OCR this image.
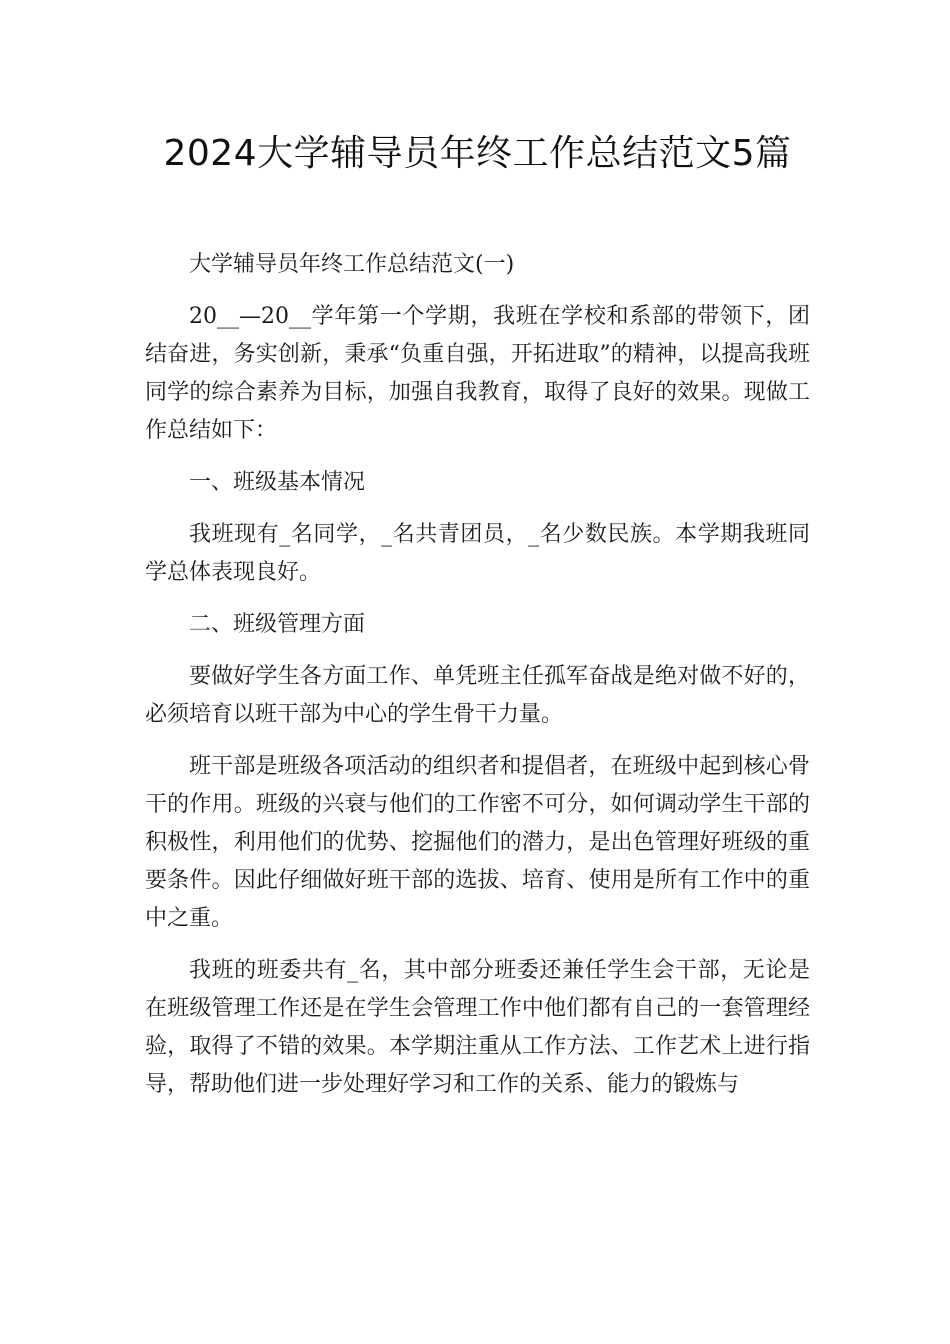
2024大学辅导员年终工作总结范文5篇

大学辅导员年终工作总结范文(一)

20__—20__学年第一个学期，我班在学校和系部的带领下，团结奋进，务实创新，秉承“负重自强，开拓进取”的精神，以提高我班同学的综合素养为目标，加强自我教育，取得了良好的效果。现做工作总结如下：

一、班级基本情况

我班现有_名同学，_名共青团员，_名少数民族。本学期我班同学总体表现良好。

二、班级管理方面

要做好学生各方面工作、单凭班主任孤军奋战是绝对做不好的，必须培育以班干部为中心的学生骨干力量。

班干部是班级各项活动的组织者和提倡者，在班级中起到核心骨干的作用。班级的兴衰与他们的工作密不可分，如何调动学生干部的积极性，利用他们的优势、挖掘他们的潜力，是出色管理好班级的重要条件。因此仔细做好班干部的选拔、培育、使用是所有工作中的重中之重。

我班的班委共有_名，其中部分班委还兼任学生会干部，无论是在班级管理工作还是在学生会管理工作中他们都有自己的一套管理经验，取得了不错的效果。本学期注重从工作方法、工作艺术上进行指导，帮助他们进一步处理好学习和工作的关系、能力的锻炼与
